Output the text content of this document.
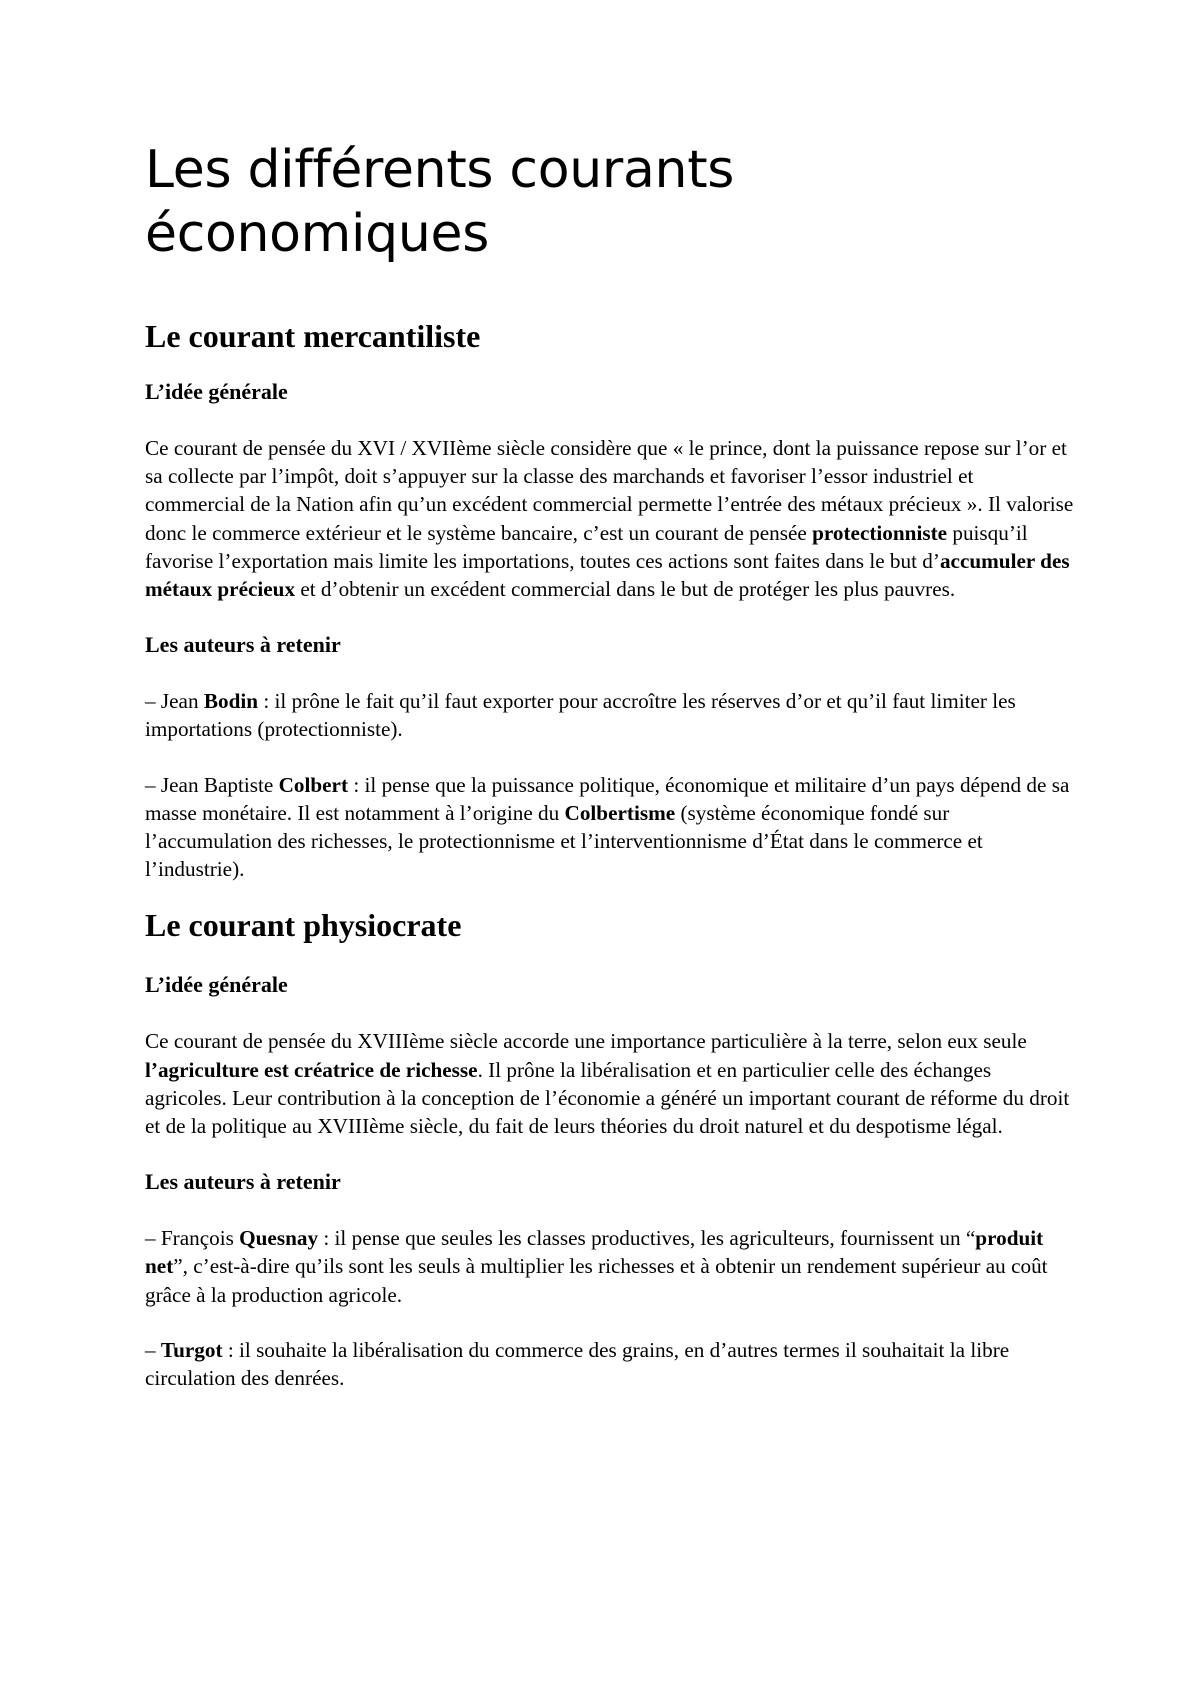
Les différents courants économiques
Le courant mercantiliste
L’idée générale

Ce courant de pensée du XVI / XVIIème siècle considère que « le prince, dont la puissance repose sur l’or et sa collecte par l’impôt, doit s’appuyer sur la classe des marchands et favoriser l’essor industriel et commercial de la Nation afin qu’un excédent commercial permette l’entrée des métaux précieux ». Il valorise donc le commerce extérieur et le système bancaire, c’est un courant de pensée protectionniste puisqu’il favorise l’exportation mais limite les importations, toutes ces actions sont faites dans le but d’accumuler des métaux précieux et d’obtenir un excédent commercial dans le but de protéger les plus pauvres.

Les auteurs à retenir

– Jean Bodin : il prône le fait qu’il faut exporter pour accroître les réserves d’or et qu’il faut limiter les importations (protectionniste).

– Jean Baptiste Colbert : il pense que la puissance politique, économique et militaire d’un pays dépend de sa masse monétaire. Il est notamment à l’origine du Colbertisme (système économique fondé sur l’accumulation des richesses, le protectionnisme et l’interventionnisme d’État dans le commerce et l’industrie).

Le courant physiocrate
L’idée générale

Ce courant de pensée du XVIIIème siècle accorde une importance particulière à la terre, selon eux seule l’agriculture est créatrice de richesse. Il prône la libéralisation et en particulier celle des échanges agricoles. Leur contribution à la conception de l’économie a généré un important courant de réforme du droit et de la politique au XVIIIème siècle, du fait de leurs théories du droit naturel et du despotisme légal.

Les auteurs à retenir

– François Quesnay : il pense que seules les classes productives, les agriculteurs, fournissent un “produit net”, c’est-à-dire qu’ils sont les seuls à multiplier les richesses et à obtenir un rendement supérieur au coût grâce à la production agricole.

– Turgot : il souhaite la libéralisation du commerce des grains, en d’autres termes il souhaitait la libre circulation des denrées.
